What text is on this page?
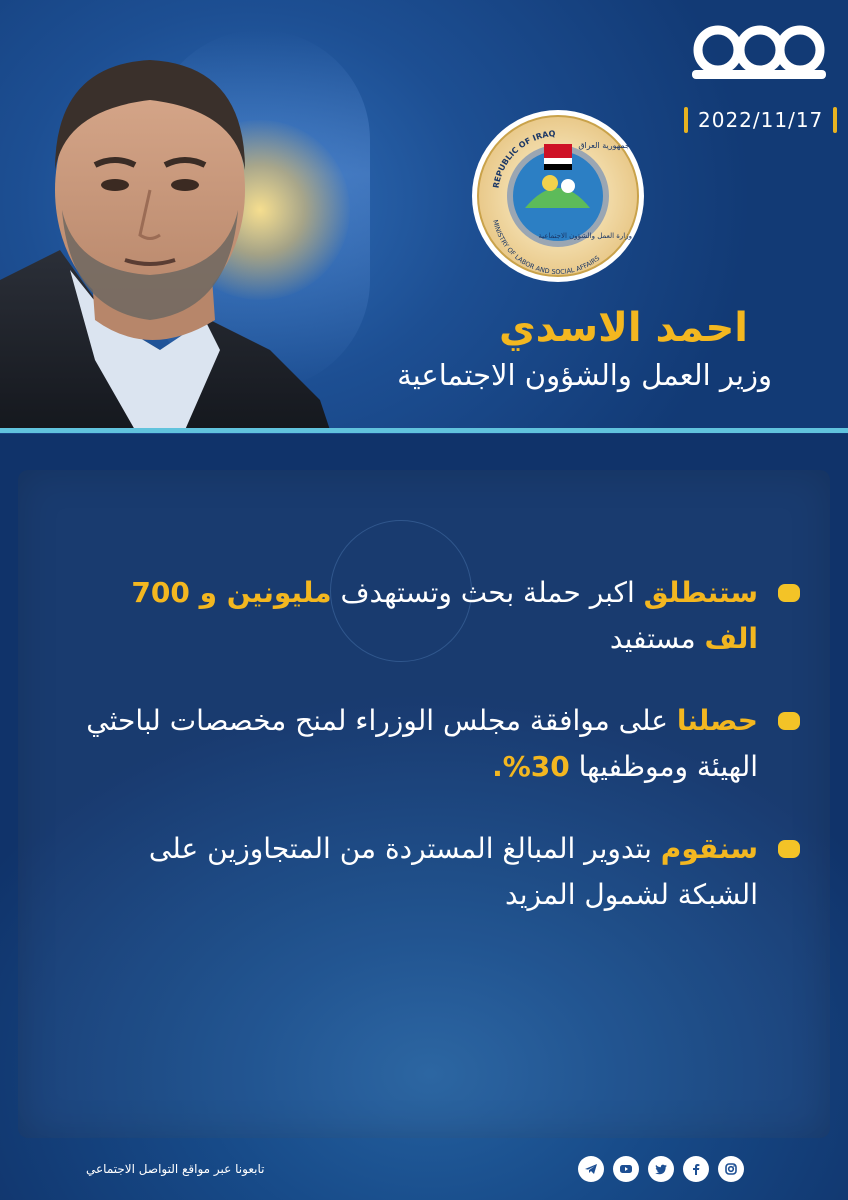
2022/11/17
REPUBLIC OF IRAQ
MINISTRY OF LABOR AND SOCIAL AFFAIRS
جمهورية العراق
وزارة العمل والشؤون الاجتماعية
احمد الاسدي
وزير العمل والشؤون الاجتماعية
ستنطلق اكبر حملة بحث وتستهدف مليونين و 700 الف مستفيد
حصلنا على موافقة مجلس الوزراء لمنح مخصصات لباحثي الهيئة وموظفيها 30%.
سنقوم بتدوير المبالغ المستردة من المتجاوزين على الشبكة لشمول المزيد
تابعونا عبر مواقع التواصل الاجتماعي
